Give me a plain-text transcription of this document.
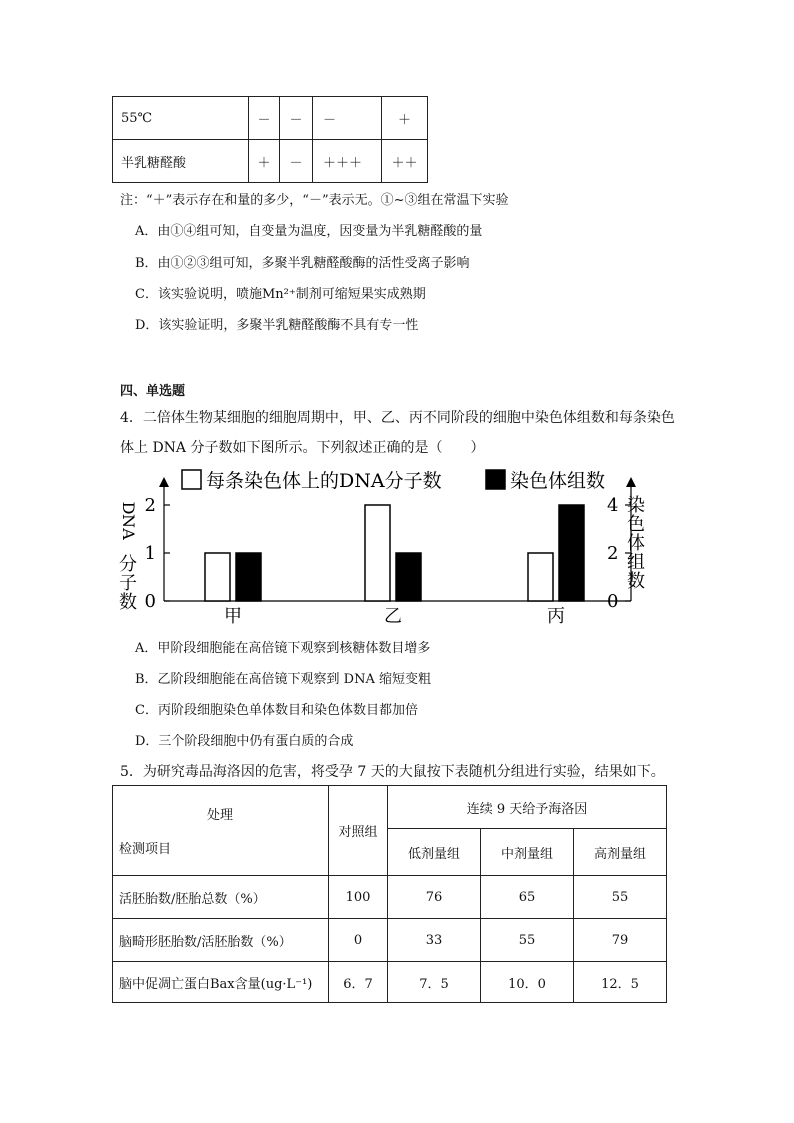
55℃	－	－	－	＋
半乳糖醛酸	＋	－	＋＋＋	＋＋
注：“＋”表示存在和量的多少，“－”表示无。①~③组在常温下实验
A．由①④组可知，自变量为温度，因变量为半乳糖醛酸的量
B．由①②③组可知，多聚半乳糖醛酸酶的活性受离子影响
C．该实验说明，喷施Mn²⁺制剂可缩短果实成熟期
D．该实验证明，多聚半乳糖醛酸酶不具有专一性
四、单选题
4．二倍体生物某细胞的细胞周期中，甲、乙、丙不同阶段的细胞中染色体组数和每条染色
体上 DNA 分子数如下图所示。下列叙述正确的是（　　）
每条染色体上的DNA分子数	染色体组数
D
N
A
分
子
数
染
色
体
组
数
0
1
2
0
2
4
甲	乙	丙
A．甲阶段细胞能在高倍镜下观察到核糖体数目增多
B．乙阶段细胞能在高倍镜下观察到 DNA 缩短变粗
C．丙阶段细胞染色单体数目和染色体数目都加倍
D．三个阶段细胞中仍有蛋白质的合成
5．为研究毒品海洛因的危害，将受孕 7 天的大鼠按下表随机分组进行实验，结果如下。
处理
检测项目	对照组	连续 9 天给予海洛因		
		低剂量组	中剂量组	高剂量组
活胚胎数/胚胎总数（%）	100	76	65	55
脑畸形胚胎数/活胚胎数（%）	0	33	55	79
脑中促凋亡蛋白Bax含量(ug·L⁻¹)	6．7	7．5	10．0	12．5
